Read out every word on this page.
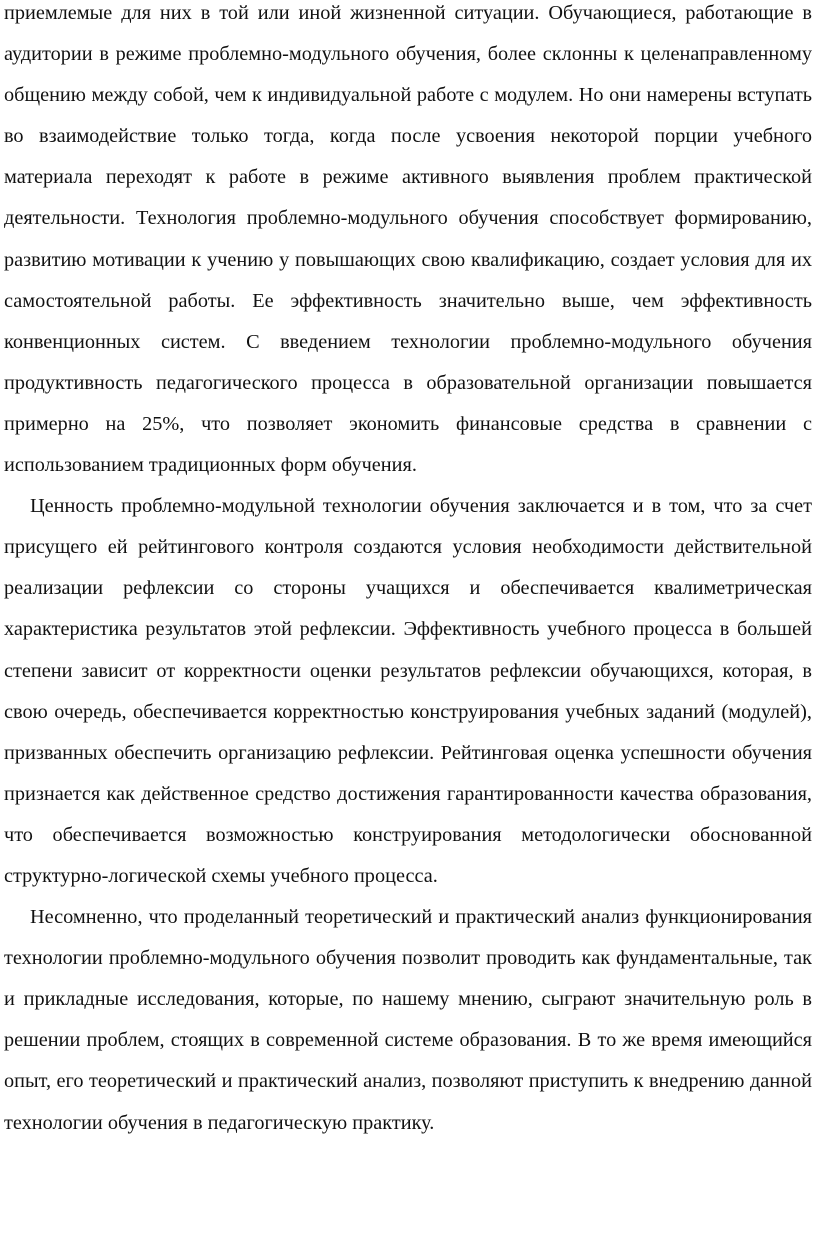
приемлемые для них в той или иной жизненной ситуации. Обучающиеся, работающие в аудитории в режиме проблемно-модульного обучения, более склонны к целенаправленному общению между собой, чем к индивидуальной работе с модулем. Но они намерены вступать во взаимодействие только тогда, когда после усвоения некоторой порции учебного материала переходят к работе в режиме активного выявления проблем практической деятельности. Технология проблемно-модульного обучения способствует формированию, развитию мотивации к учению у повышающих свою квалификацию, создает условия для их самостоятельной работы. Ее эффективность значительно выше, чем эффективность конвенционных систем. С введением технологии проблемно-модульного обучения продуктивность педагогического процесса в образовательной организации повышается примерно на 25%, что позволяет экономить финансовые средства в сравнении с использованием традиционных форм обучения.

Ценность проблемно-модульной технологии обучения заключается и в том, что за счет присущего ей рейтингового контроля создаются условия необходимости действительной реализации рефлексии со стороны учащихся и обеспечивается квалиметрическая характеристика результатов этой рефлексии. Эффективность учебного процесса в большей степени зависит от корректности оценки результатов рефлексии обучающихся, которая, в свою очередь, обеспечивается корректностью конструирования учебных заданий (модулей), призванных обеспечить организацию рефлексии. Рейтинговая оценка успешности обучения признается как действенное средство достижения гарантированности качества образования, что обеспечивается возможностью конструирования методологически обоснованной структурно-логической схемы учебного процесса.

Несомненно, что проделанный теоретический и практический анализ функционирования технологии проблемно-модульного обучения позволит проводить как фундаментальные, так и прикладные исследования, которые, по нашему мнению, сыграют значительную роль в решении проблем, стоящих в современной системе образования. В то же время имеющийся опыт, его теоретический и практический анализ, позволяют приступить к внедрению данной технологии обучения в педагогическую практику.
